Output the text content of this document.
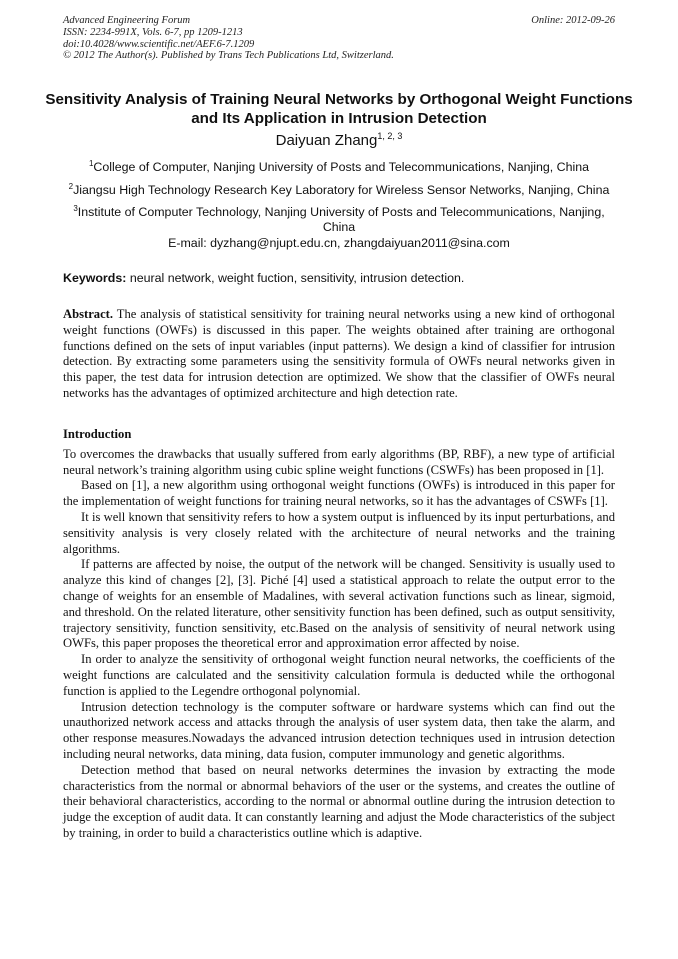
Advanced Engineering Forum	Online: 2012-09-26
ISSN: 2234-991X, Vols. 6-7, pp 1209-1213
doi:10.4028/www.scientific.net/AEF.6-7.1209
© 2012 The Author(s). Published by Trans Tech Publications Ltd, Switzerland.
Sensitivity Analysis of Training Neural Networks by Orthogonal Weight Functions and Its Application in Intrusion Detection
Daiyuan Zhang$^{1, 2, 3}$
$^1$College of Computer, Nanjing University of Posts and Telecommunications, Nanjing, China
$^2$Jiangsu High Technology Research Key Laboratory for Wireless Sensor Networks, Nanjing, China
$^3$Institute of Computer Technology, Nanjing University of Posts and Telecommunications, Nanjing, China
E-mail: dyzhang@njupt.edu.cn, zhangdaiyuan2011@sina.com
Keywords: neural network, weight fuction, sensitivity, intrusion detection.

Abstract. The analysis of statistical sensitivity for training neural networks using a new kind of orthogonal weight functions (OWFs) is discussed in this paper. The weights obtained after training are orthogonal functions defined on the sets of input variables (input patterns). We design a kind of classifier for intrusion detection. By extracting some parameters using the sensitivity formula of OWFs neural networks given in this paper, the test data for intrusion detection are optimized. We show that the classifier of OWFs neural networks has the advantages of optimized architecture and high detection rate.

Introduction

To overcomes the drawbacks that usually suffered from early algorithms (BP, RBF), a new type of artificial neural network’s training algorithm using cubic spline weight functions (CSWFs) has been proposed in [1].

Based on [1], a new algorithm using orthogonal weight functions (OWFs) is introduced in this paper for the implementation of weight functions for training neural networks, so it has the advantages of CSWFs [1].

It is well known that sensitivity refers to how a system output is influenced by its input perturbations, and sensitivity analysis is very closely related with the architecture of neural networks and the training algorithms.

If patterns are affected by noise, the output of the network will be changed. Sensitivity is usually used to analyze this kind of changes [2], [3]. Piché [4] used a statistical approach to relate the output error to the change of weights for an ensemble of Madalines, with several activation functions such as linear, sigmoid, and threshold. On the related literature, other sensitivity function has been defined, such as output sensitivity, trajectory sensitivity, function sensitivity, etc.Based on the analysis of sensitivity of neural network using OWFs, this paper proposes the theoretical error and approximation error affected by noise.

In order to analyze the sensitivity of orthogonal weight function neural networks, the coefficients of the weight functions are calculated and the sensitivity calculation formula is deducted while the orthogonal function is applied to the Legendre orthogonal polynomial.

Intrusion detection technology is the computer software or hardware systems which can find out the unauthorized network access and attacks through the analysis of user system data, then take the alarm, and other response measures.Nowadays the advanced intrusion detection techniques used in intrusion detection including neural networks, data mining, data fusion, computer immunology and genetic algorithms.

Detection method that based on neural networks determines the invasion by extracting the mode characteristics from the normal or abnormal behaviors of the user or the systems, and creates the outline of their behavioral characteristics, according to the normal or abnormal outline during the intrusion detection to judge the exception of audit data. It can constantly learning and adjust the Mode characteristics of the subject by training, in order to build a characteristics outline which is adaptive.
